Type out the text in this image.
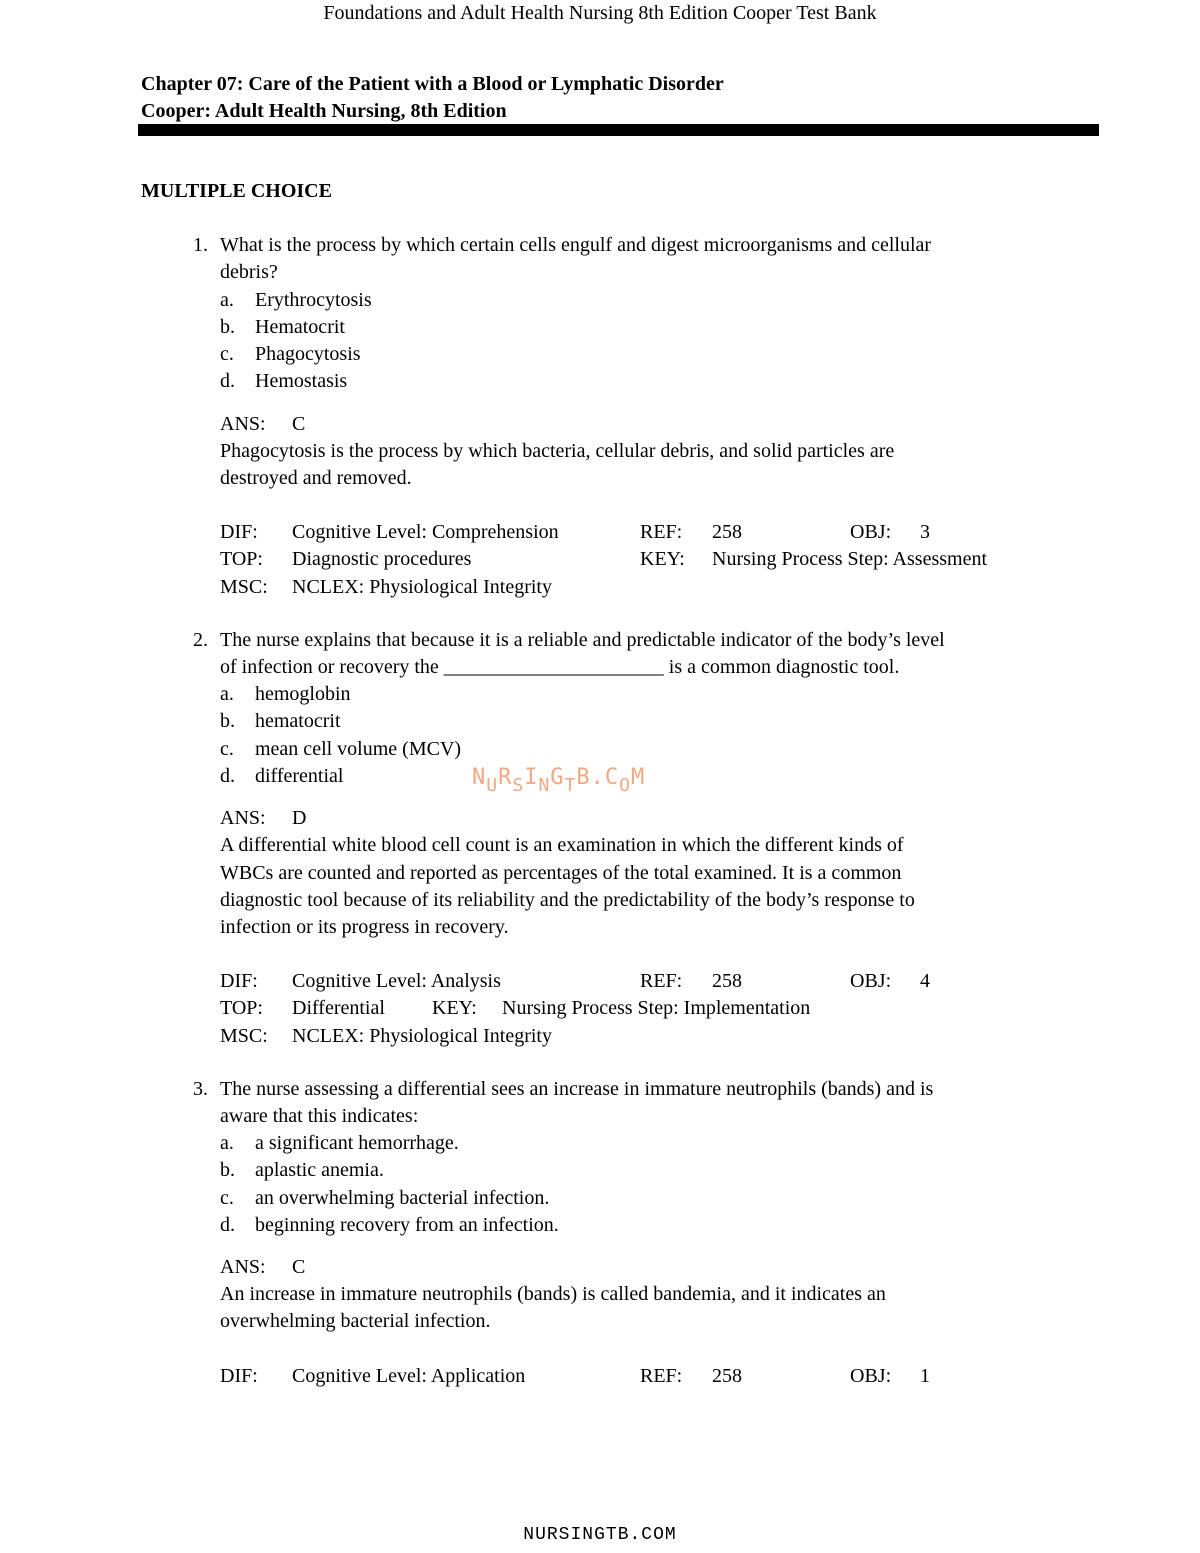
Foundations and Adult Health Nursing 8th Edition Cooper Test Bank
Chapter 07: Care of the Patient with a Blood or Lymphatic Disorder
Cooper: Adult Health Nursing, 8th Edition
MULTIPLE CHOICE
1. What is the process by which certain cells engulf and digest microorganisms and cellular
debris?
a. Erythrocytosis
b. Hematocrit
c. Phagocytosis
d. Hemostasis
ANS: C
Phagocytosis is the process by which bacteria, cellular debris, and solid particles are
destroyed and removed.
DIF: Cognitive Level: Comprehension	REF: 258	OBJ: 3
TOP: Diagnostic procedures	KEY: Nursing Process Step: Assessment
MSC: NCLEX: Physiological Integrity
2. The nurse explains that because it is a reliable and predictable indicator of the body’s level
of infection or recovery the ______________________ is a common diagnostic tool.
a. hemoglobin
b. hematocrit
c. mean cell volume (MCV)
d. differential
ANS: D
A differential white blood cell count is an examination in which the different kinds of
WBCs are counted and reported as percentages of the total examined. It is a common
diagnostic tool because of its reliability and the predictability of the body’s response to
infection or its progress in recovery.
DIF: Cognitive Level: Analysis	REF: 258	OBJ: 4
TOP: Differential KEY: Nursing Process Step: Implementation
MSC: NCLEX: Physiological Integrity
3. The nurse assessing a differential sees an increase in immature neutrophils (bands) and is
aware that this indicates:
a. a significant hemorrhage.
b. aplastic anemia.
c. an overwhelming bacterial infection.
d. beginning recovery from an infection.
ANS: C
An increase in immature neutrophils (bands) is called bandemia, and it indicates an
overwhelming bacterial infection.
DIF: Cognitive Level: Application	REF: 258	OBJ: 1
$N_UR_SI_NG_TB.C_OM$
NURSINGTB.COM
